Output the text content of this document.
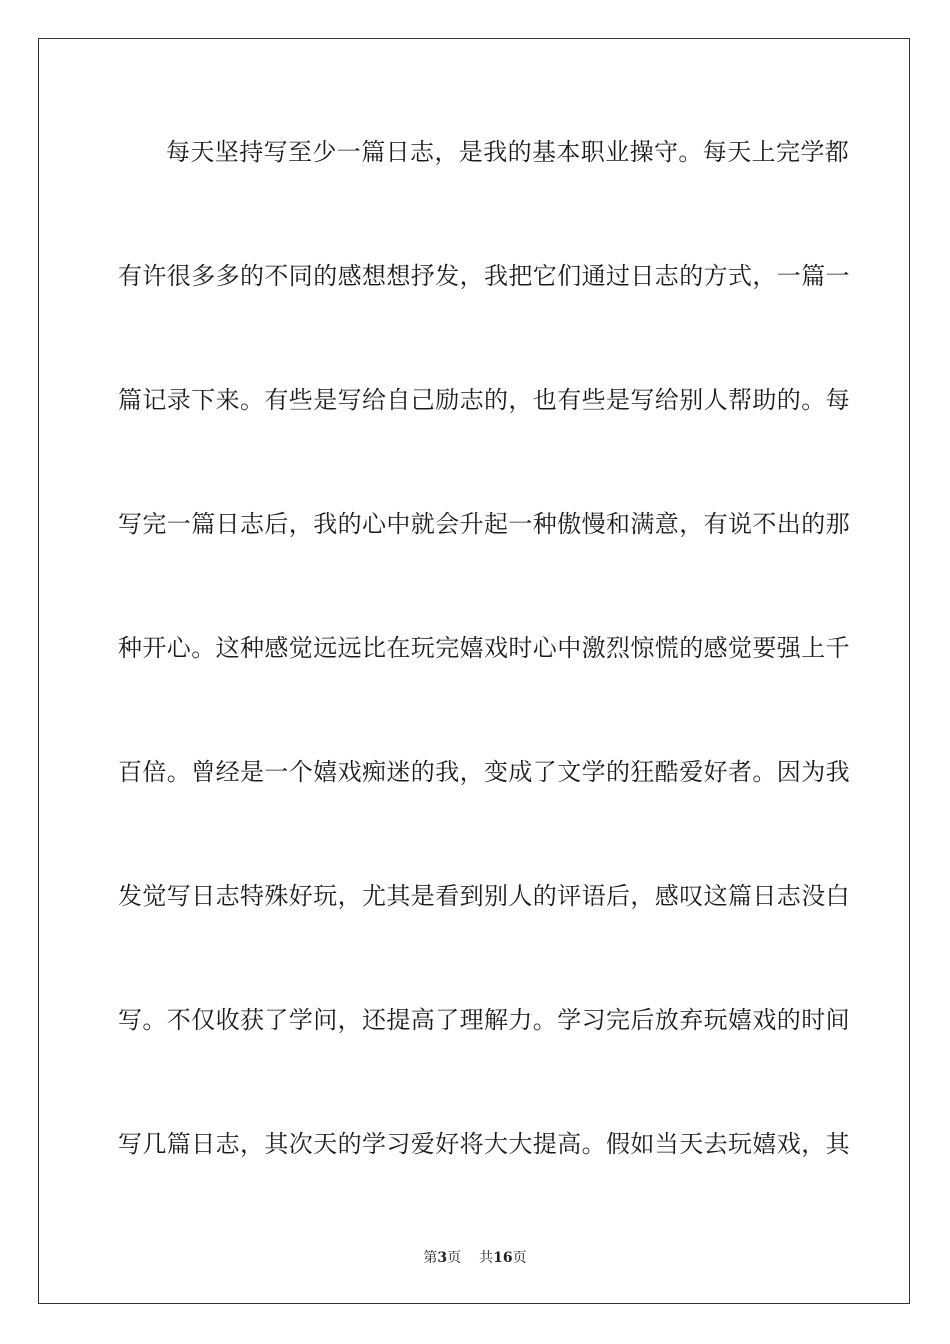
每天坚持写至少一篇日志，是我的基本职业操守。每天上完学都
有许很多多的不同的感想想抒发，我把它们通过日志的方式，一篇一
篇记录下来。有些是写给自己励志的，也有些是写给别人帮助的。每
写完一篇日志后，我的心中就会升起一种傲慢和满意，有说不出的那
种开心。这种感觉远远比在玩完嬉戏时心中激烈惊慌的感觉要强上千
百倍。曾经是一个嬉戏痴迷的我，变成了文学的狂酷爱好者。因为我
发觉写日志特殊好玩，尤其是看到别人的评语后，感叹这篇日志没白
写。不仅收获了学问，还提高了理解力。学习完后放弃玩嬉戏的时间
写几篇日志，其次天的学习爱好将大大提高。假如当天去玩嬉戏，其
第3页 共16页
